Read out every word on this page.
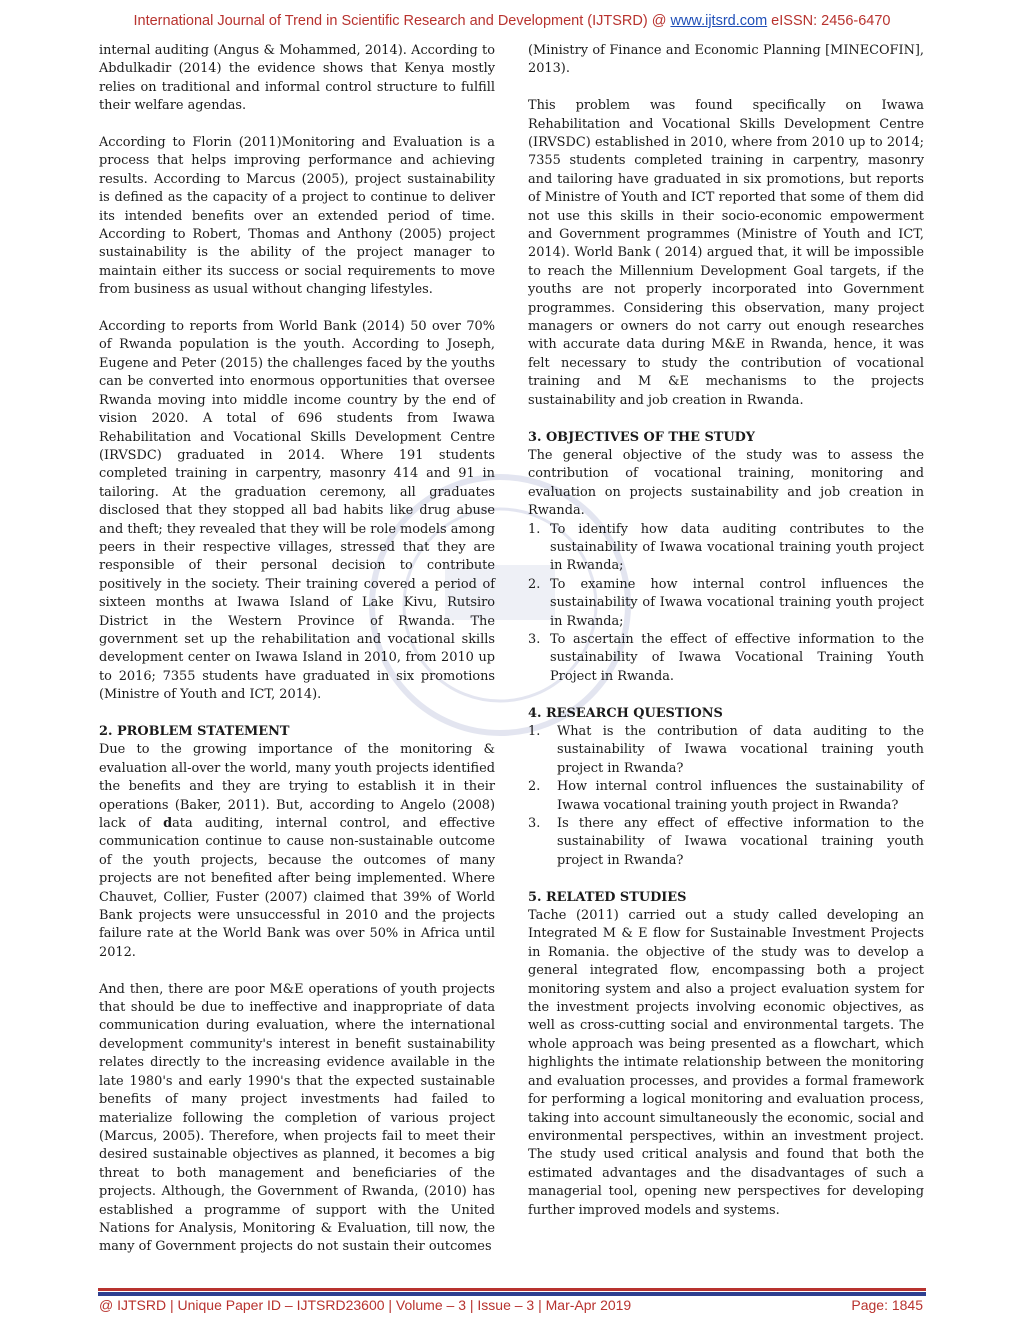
International Journal of Trend in Scientific Research and Development (IJTSRD) @ www.ijtsrd.com eISSN: 2456-6470

internal auditing (Angus & Mohammed, 2014). According to Abdulkadir (2014) the evidence shows that Kenya mostly relies on traditional and informal control structure to fulfill their welfare agendas.

According to Florin (2011)Monitoring and Evaluation is a process that helps improving performance and achieving results. According to Marcus (2005), project sustainability is defined as the capacity of a project to continue to deliver its intended benefits over an extended period of time. According to Robert, Thomas and Anthony (2005) project sustainability is the ability of the project manager to maintain either its success or social requirements to move from business as usual without changing lifestyles.

According to reports from World Bank (2014) 50 over 70% of Rwanda population is the youth. According to Joseph, Eugene and Peter (2015) the challenges faced by the youths can be converted into enormous opportunities that oversee Rwanda moving into middle income country by the end of vision 2020. A total of 696 students from Iwawa Rehabilitation and Vocational Skills Development Centre (IRVSDC) graduated in 2014. Where 191 students completed training in carpentry, masonry 414 and 91 in tailoring. At the graduation ceremony, all graduates disclosed that they stopped all bad habits like drug abuse and theft; they revealed that they will be role models among peers in their respective villages, stressed that they are responsible of their personal decision to contribute positively in the society. Their training covered a period of sixteen months at Iwawa Island of Lake Kivu, Rutsiro District in the Western Province of Rwanda. The government set up the rehabilitation and vocational skills development center on Iwawa Island in 2010, from 2010 up to 2016; 7355 students have graduated in six promotions (Ministre of Youth and ICT, 2014).

2. PROBLEM STATEMENT

Due to the growing importance of the monitoring & evaluation all-over the world, many youth projects identified the benefits and they are trying to establish it in their operations (Baker, 2011). But, according to Angelo (2008) lack of data auditing, internal control, and effective communication continue to cause non-sustainable outcome of the youth projects, because the outcomes of many projects are not benefited after being implemented. Where Chauvet, Collier, Fuster (2007) claimed that 39% of World Bank projects were unsuccessful in 2010 and the projects failure rate at the World Bank was over 50% in Africa until 2012.

And then, there are poor M&E operations of youth projects that should be due to ineffective and inappropriate of data communication during evaluation, where the international development community's interest in benefit sustainability relates directly to the increasing evidence available in the late 1980's and early 1990's that the expected sustainable benefits of many project investments had failed to materialize following the completion of various project (Marcus, 2005). Therefore, when projects fail to meet their desired sustainable objectives as planned, it becomes a big threat to both management and beneficiaries of the projects. Although, the Government of Rwanda, (2010) has established a programme of support with the United Nations for Analysis, Monitoring & Evaluation, till now, the many of Government projects do not sustain their outcomes

(Ministry of Finance and Economic Planning [MINECOFIN], 2013).

This problem was found specifically on Iwawa Rehabilitation and Vocational Skills Development Centre (IRVSDC) established in 2010, where from 2010 up to 2014; 7355 students completed training in carpentry, masonry and tailoring have graduated in six promotions, but reports of Ministre of Youth and ICT reported that some of them did not use this skills in their socio-economic empowerment and Government programmes (Ministre of Youth and ICT, 2014). World Bank ( 2014) argued that, it will be impossible to reach the Millennium Development Goal targets, if the youths are not properly incorporated into Government programmes. Considering this observation, many project managers or owners do not carry out enough researches with accurate data during M&E in Rwanda, hence, it was felt necessary to study the contribution of vocational training and M &E mechanisms to the projects sustainability and job creation in Rwanda.

3. OBJECTIVES OF THE STUDY

The general objective of the study was to assess the contribution of vocational training, monitoring and evaluation on projects sustainability and job creation in Rwanda.

1. To identify how data auditing contributes to the sustainability of Iwawa vocational training youth project in Rwanda;
2. To examine how internal control influences the sustainability of Iwawa vocational training youth project in Rwanda;
3. To ascertain the effect of effective information to the sustainability of Iwawa Vocational Training Youth Project in Rwanda.
4. RESEARCH QUESTIONS
1.	What is the contribution of data auditing to the sustainability of Iwawa vocational training youth project in Rwanda?
2.	How internal control influences the sustainability of Iwawa vocational training youth project in Rwanda?
3.	Is there any effect of effective information to the sustainability of Iwawa vocational training youth project in Rwanda?
5. RELATED STUDIES

Tache (2011) carried out a study called developing an Integrated M & E flow for Sustainable Investment Projects in Romania. the objective of the study was to develop a general integrated flow, encompassing both a project monitoring system and also a project evaluation system for the investment projects involving economic objectives, as well as cross-cutting social and environmental targets. The whole approach was being presented as a flowchart, which highlights the intimate relationship between the monitoring and evaluation processes, and provides a formal framework for performing a logical monitoring and evaluation process, taking into account simultaneously the economic, social and environmental perspectives, within an investment project. The study used critical analysis and found that both the estimated advantages and the disadvantages of such a managerial tool, opening new perspectives for developing further improved models and systems.

@ IJTSRD | Unique Paper ID – IJTSRD23600 | Volume – 3 | Issue – 3 | Mar-Apr 2019	Page: 1845
